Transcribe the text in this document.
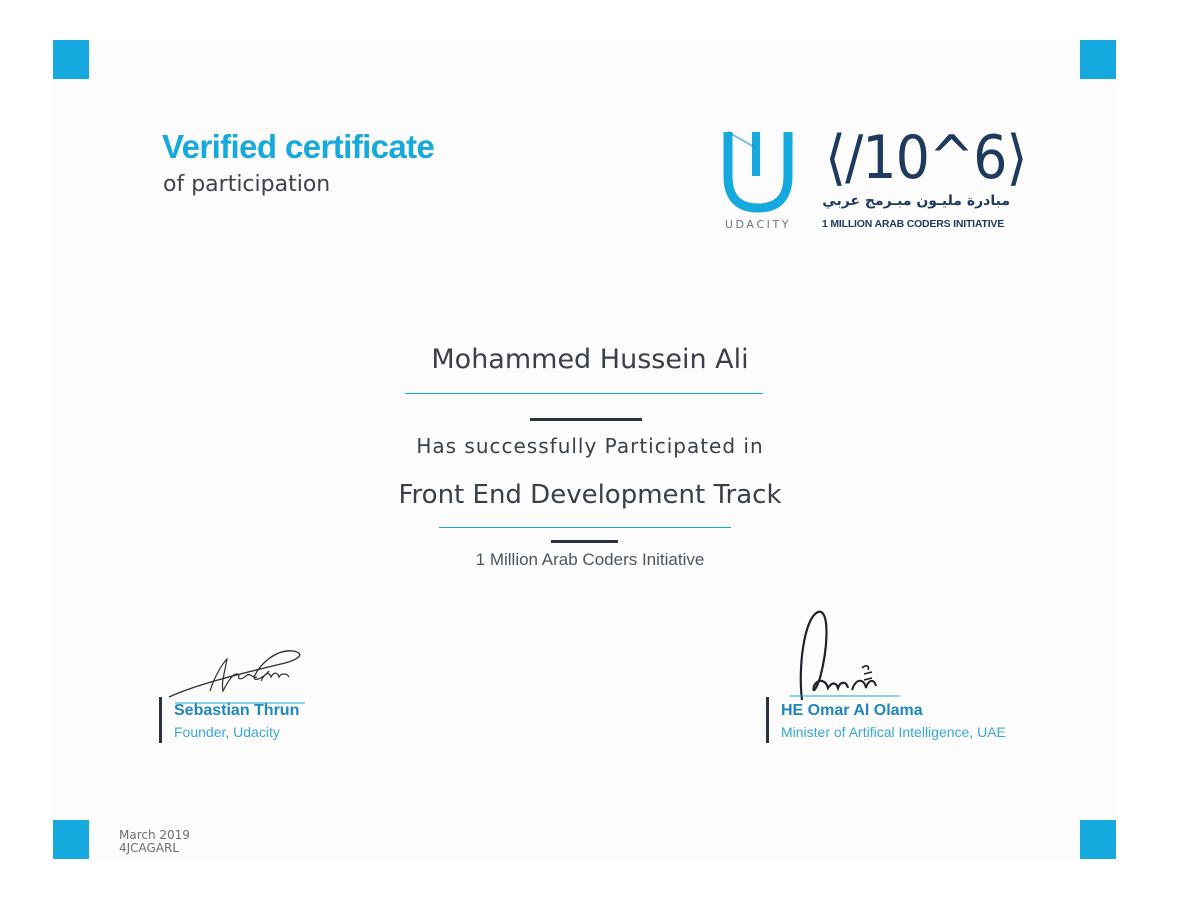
Verified certificate
of participation
UDACITY
⟨/10^6⟩
مبادرة مليـون مبـرمج عربي
1 MILLION ARAB CODERS INITIATIVE
Mohammed Hussein Ali
Has successfully Participated in
Front End Development Track
1 Million Arab Coders Initiative
Sebastian Thrun
Founder, Udacity
HE Omar Al Olama
Minister of Artifical Intelligence, UAE
March 2019
4JCAGARL
